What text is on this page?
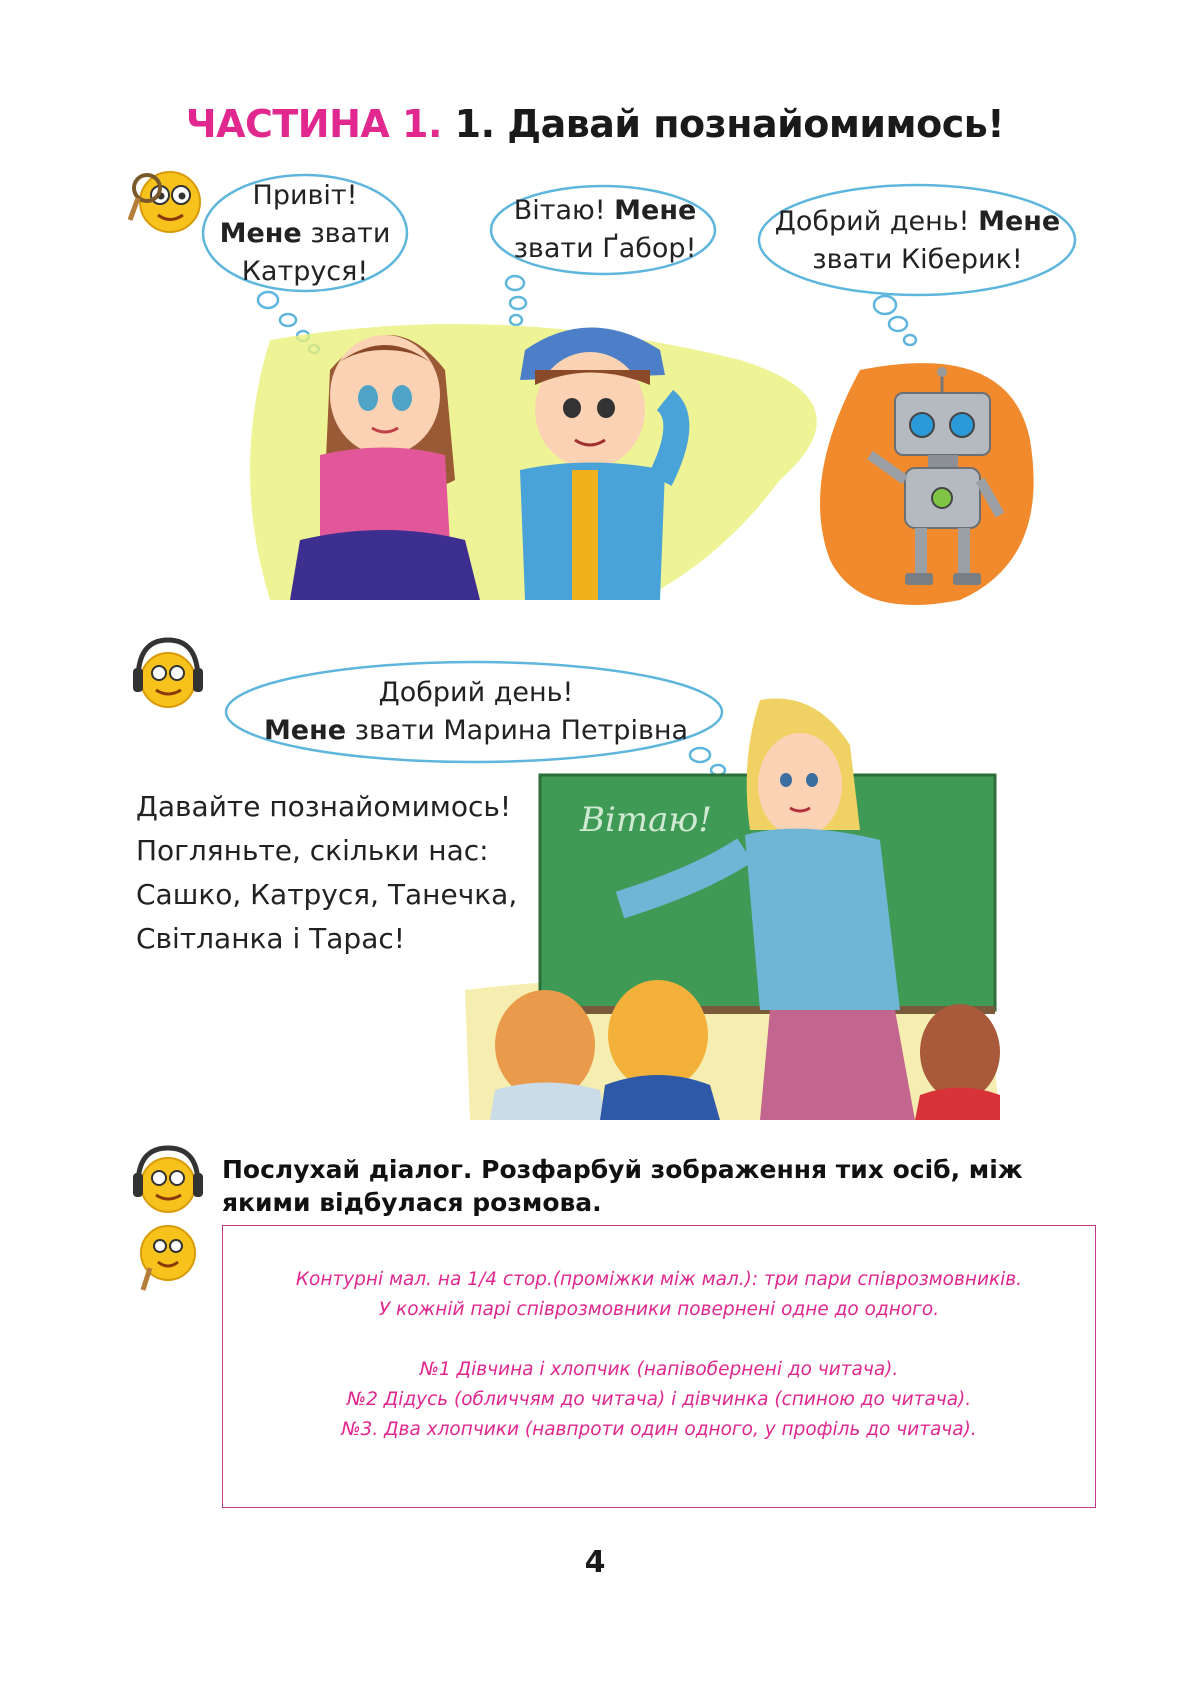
ЧАСТИНА 1. 1. Давай познайомимось!
Привіт!
Мене звати
Катруся!
Вітаю! Мене
звати Ґабор!
Добрий день! Мене
звати Кіберик!
Добрий день!
Мене звати Марина Петрівна
Вітаю!
Давайте познайомимось!
Погляньте, скільки нас:
Сашко, Катруся, Танечка,
Світланка і Тарас!
Послухай діалог. Розфарбуй зображення тих осіб, між якими відбулася розмова.
Контурні мал. на 1/4 стор.(проміжки між мал.): три пари співрозмовників.
У кожній парі співрозмовники повернені одне до одного.
№1 Дівчина і хлопчик (напівобернені до читача).
№2 Дідусь (обличчям до читача) і дівчинка (спиною до читача).
№3. Два хлопчики (навпроти один одного, у профіль до читача).
4
